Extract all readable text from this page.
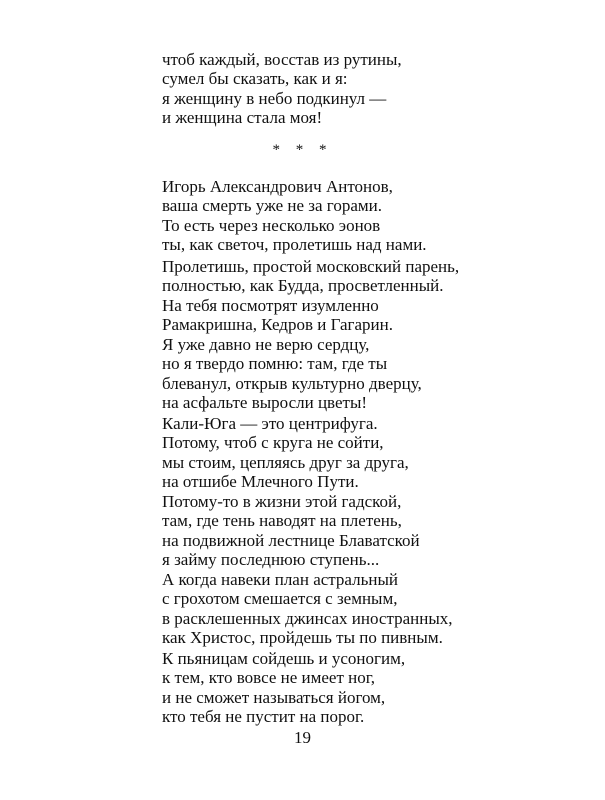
чтоб каждый, восстав из рутины,
сумел бы сказать, как и я:
я женщину в небо подкинул —
и женщина стала моя!

* * *

Игорь Александрович Антонов,
ваша смерть уже не за горами.
То есть через несколько эонов
ты, как светоч, пролетишь над нами.

Пролетишь, простой московский парень,
полностью, как Будда, просветленный.
На тебя посмотрят изумленно
Рамакришна, Кедров и Гагарин.

Я уже давно не верю сердцу,
но я твердо помню: там, где ты
блеванул, открыв культурно дверцу,
на асфальте выросли цветы!

Кали-Юга — это центрифуга.
Потому, чтоб с круга не сойти,
мы стоим, цепляясь друг за друга,
на отшибе Млечного Пути.

Потому-то в жизни этой гадской,
там, где тень наводят на плетень,
на подвижной лестнице Блаватской
я займу последнюю ступень...

А когда навеки план астральный
с грохотом смешается с земным,
в расклешенных джинсах иностранных,
как Христос, пройдешь ты по пивным.

К пьяницам сойдешь и усоногим,
к тем, кто вовсе не имеет ног,
и не сможет называться йогом,
кто тебя не пустит на порог.

19
